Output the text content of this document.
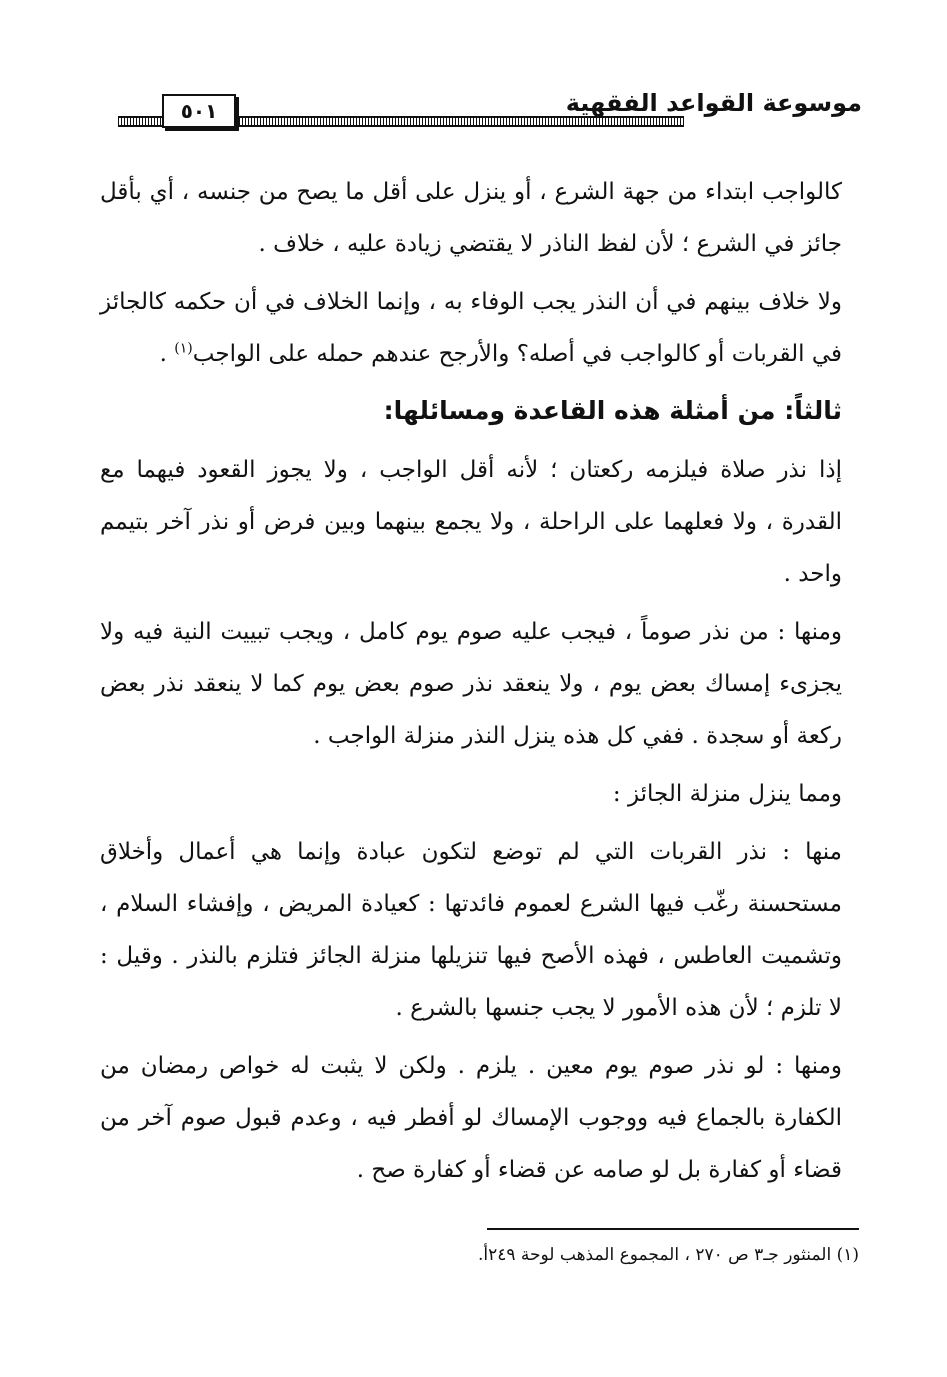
٥٠١	موسوعة القواعد الفقهية

كالواجب ابتداء من جهة الشرع ، أو ينزل على أقل ما يصح من جنسه ، أي بأقل جائز في الشرع ؛ لأن لفظ الناذر لا يقتضي زيادة عليه ، خلاف .

ولا خلاف بينهم في أن النذر يجب الوفاء به ، وإنما الخلاف في أن حكمه كالجائز في القربات أو كالواجب في أصله؟ والأرجح عندهم حمله على الواجب$^{(١)}$ .

ثالثاً: من أمثلة هذه القاعدة ومسائلها:

إذا نذر صلاة فيلزمه ركعتان ؛ لأنه أقل الواجب ، ولا يجوز القعود فيهما مع القدرة ، ولا فعلهما على الراحلة ، ولا يجمع بينهما وبين فرض أو نذر آخر بتيمم واحد .

ومنها : من نذر صوماً ، فيجب عليه صوم يوم كامل ، ويجب تبييت النية فيه ولا يجزىء إمساك بعض يوم ، ولا ينعقد نذر صوم بعض يوم كما لا ينعقد نذر بعض ركعة أو سجدة . ففي كل هذه ينزل النذر منزلة الواجب .

ومما ينزل منزلة الجائز :

منها : نذر القربات التي لم توضع لتكون عبادة وإنما هي أعمال وأخلاق مستحسنة رغّب فيها الشرع لعموم فائدتها : كعيادة المريض ، وإفشاء السلام ، وتشميت العاطس ، فهذه الأصح فيها تنزيلها منزلة الجائز فتلزم بالنذر . وقيل : لا تلزم ؛ لأن هذه الأمور لا يجب جنسها بالشرع .

ومنها : لو نذر صوم يوم معين . يلزم . ولكن لا يثبت له خواص رمضان من الكفارة بالجماع فيه ووجوب الإمساك لو أفطر فيه ، وعدم قبول صوم آخر من قضاء أو كفارة بل لو صامه عن قضاء أو كفارة صح .

(١) المنثور جـ٣ ص ٢٧٠ ، المجموع المذهب لوحة ٢٤٩أ.
